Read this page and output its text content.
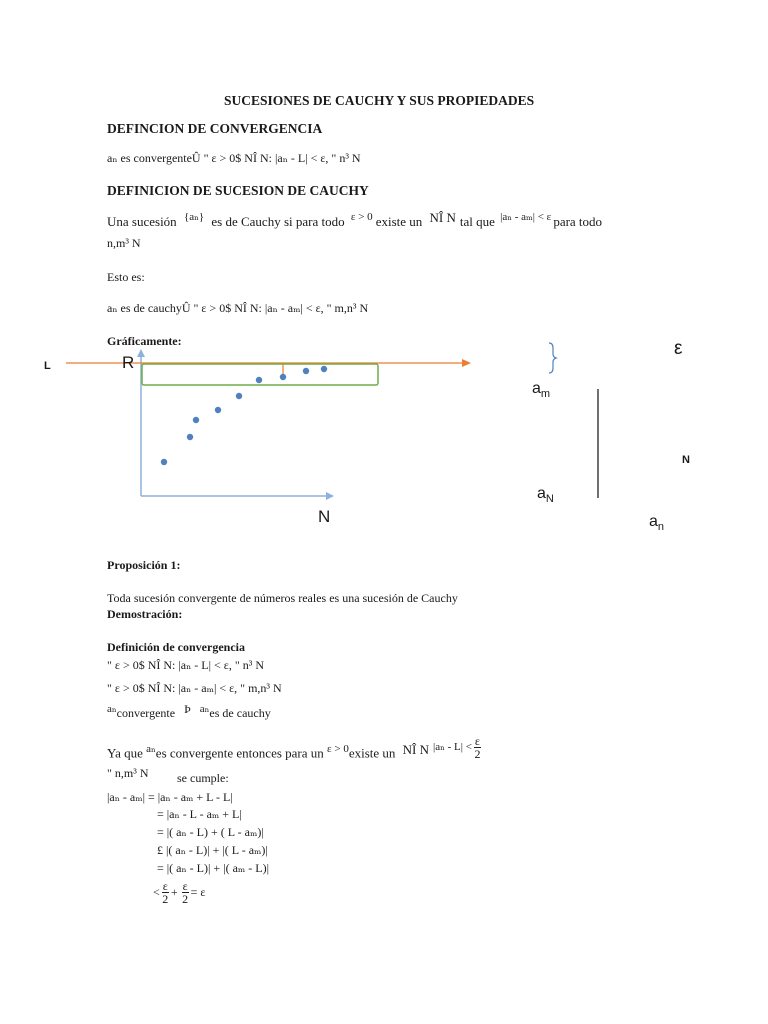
SUCESIONES DE CAUCHY Y SUS PROPIEDADES
DEFINCION DE CONVERGENCIA
aₙ es convergenteÛ " ε > 0$ NÎ N: |aₙ - L| < ε, " n³ N
DEFINICION DE SUCESION DE CAUCHY
Una sucesión $^{\{a_n\}}$ es de Cauchy si para todo $^{\varepsilon > 0}$ existe un NÎ N tal que $^{|a_n - a_m| < \varepsilon}$ para todo
n,m³ N
Esto es:
aₙ es de cauchyÛ " ε > 0$ NÎ N: |aₙ - aₘ| < ε, " m,n³ N
Gráficamente:
L	R
N
ε
$a_m$
$a_N$
$a_n$
N
Proposición 1:
Toda sucesión convergente de números reales es una sucesión de Cauchy
Demostración:
Definición de convergencia
" ε > 0$ NÎ N: |aₙ - L| < ε, " n³ N
" ε > 0$ NÎ N: |aₙ - aₘ| < ε, " m,n³ N
aₙconvergente Þ aₙes de cauchy
Ya que $^{a_n}$es convergente entonces para un $^{\varepsilon > 0}$existe un NÎ N $^{|a_n - L| <} \frac{\varepsilon}{2}$
" n,m³ N se cumple:
|aₙ - aₘ| = |aₙ - aₘ + L - L|
= |aₙ - L - aₘ + L|
= |( aₙ - L) + ( L - aₘ)|
£ |( aₙ - L)| + |( L - aₘ)|
= |( aₙ - L)| + |( aₘ - L)|
< $\frac{\varepsilon}{2} + \frac{\varepsilon}{2} = \varepsilon$
